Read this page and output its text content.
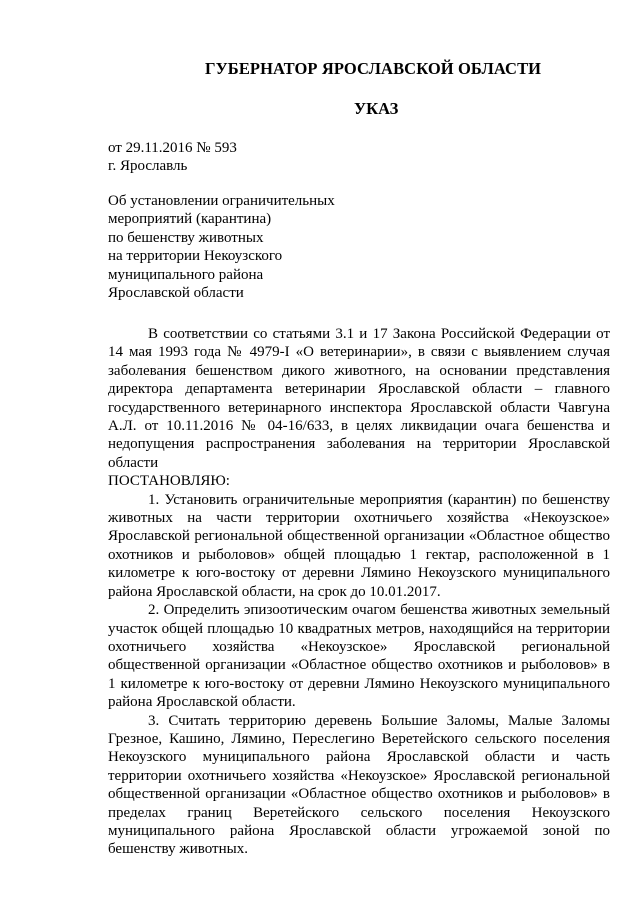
ГУБЕРНАТОР ЯРОСЛАВСКОЙ ОБЛАСТИ
УКАЗ
от 29.11.2016 № 593
г. Ярославль
Об установлении ограничительных
мероприятий (карантина)
по бешенству животных
на территории Некоузского
муниципального района
Ярославской области

В соответствии со статьями 3.1 и 17 Закона Российской Федерации от 14 мая 1993 года № 4979-I «О ветеринарии», в связи с выявлением случая заболевания бешенством дикого животного, на основании представления директора департамента ветеринарии Ярославской области – главного государственного ветеринарного инспектора Ярославской области Чавгуна А.Л. от 10.11.2016 № 04-16/633, в целях ликвидации очага бешенства и недопущения распространения заболевания на территории Ярославской области

ПОСТАНОВЛЯЮ:

1. Установить ограничительные мероприятия (карантин) по бешенству животных на части территории охотничьего хозяйства «Некоузское» Ярославской региональной общественной организации «Областное общество охотников и рыболовов» общей площадью 1 гектар, расположенной в 1 километре к юго-востоку от деревни Лямино Некоузского муниципального района Ярославской области, на срок до 10.01.2017.

2. Определить эпизоотическим очагом бешенства животных земельный участок общей площадью 10 квадратных метров, находящийся на территории охотничьего хозяйства «Некоузское» Ярославской региональной общественной организации «Областное общество охотников и рыболовов» в 1 километре к юго-востоку от деревни Лямино Некоузского муниципального района Ярославской области.

3. Считать территорию деревень Большие Заломы, Малые Заломы Грезное, Кашино, Лямино, Переслегино Веретейского сельского поселения Некоузского муниципального района Ярославской области и часть территории охотничьего хозяйства «Некоузское» Ярославской региональной общественной организации «Областное общество охотников и рыболовов» в пределах границ Веретейского сельского поселения Некоузского муниципального района Ярославской области угрожаемой зоной по бешенству животных.
